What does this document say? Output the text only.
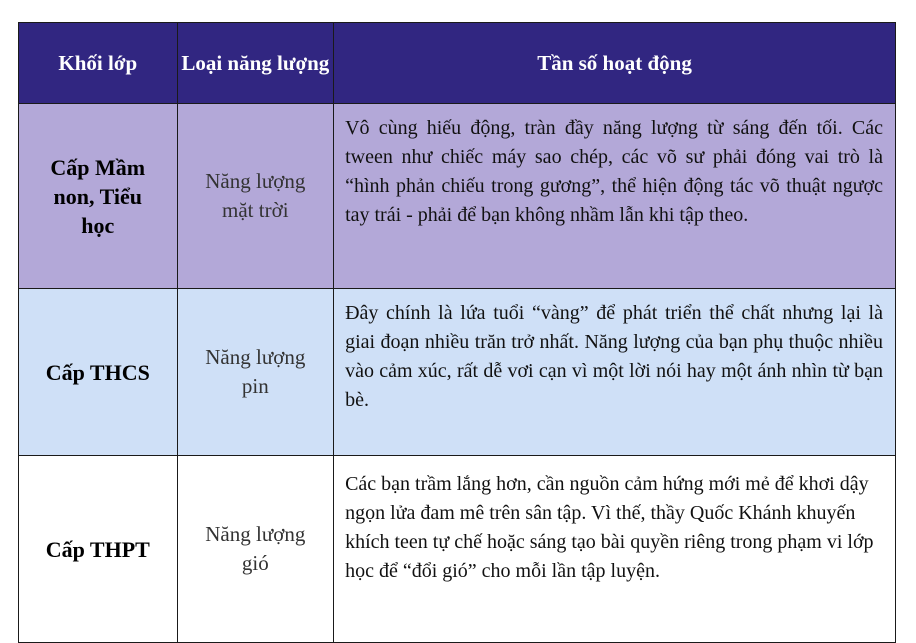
Khối lớp	Loại năng lượng	Tần số hoạt động

Cấp Mầm non, Tiểu học	Năng lượng mặt trời	Vô cùng hiếu động, tràn đầy năng lượng từ sáng đến tối. Các tween như chiếc máy sao chép, các võ sư phải đóng vai trò là “hình phản chiếu trong gương”, thể hiện động tác võ thuật ngược tay trái - phải để bạn không nhầm lẫn khi tập theo.

Cấp THCS	Năng lượng pin	Đây chính là lứa tuổi “vàng” để phát triển thể chất nhưng lại là giai đoạn nhiều trăn trở nhất. Năng lượng của bạn phụ thuộc nhiều vào cảm xúc, rất dễ vơi cạn vì một lời nói hay một ánh nhìn từ bạn bè.

Cấp THPT	Năng lượng gió	Các bạn trầm lắng hơn, cần nguồn cảm hứng mới mẻ để khơi dậy ngọn lửa đam mê trên sân tập. Vì thế, thầy Quốc Khánh khuyến khích teen tự chế hoặc sáng tạo bài quyền riêng trong phạm vi lớp học để “đổi gió” cho mỗi lần tập luyện.
